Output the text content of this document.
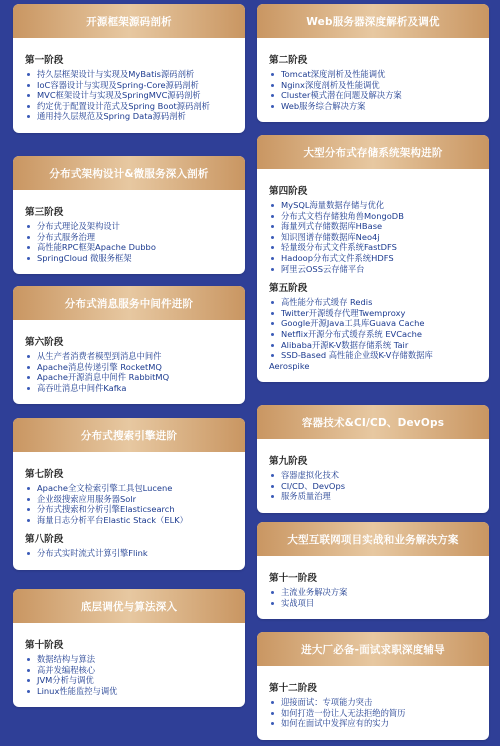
开源框架源码剖析
第一阶段
持久层框架设计与实现及MyBatis源码剖析
IoC容器设计与实现及Spring-Core源码剖析
MVC框架设计与实现及SpringMVC源码剖析
约定优于配置设计范式及Spring Boot源码剖析
通用持久层规范及Spring Data源码剖析
分布式架构设计&微服务深入剖析
第三阶段
分布式理论及架构设计
分布式服务治理
高性能RPC框架Apache Dubbo
SpringCloud 微服务框架
分布式消息服务中间件进阶
第六阶段
从生产者消费者模型到消息中间件
Apache消息传递引擎 RocketMQ
Apache开源消息中间件 RabbitMQ
高吞吐消息中间件Kafka
分布式搜索引擎进阶
第七阶段
Apache全文检索引擎工具包Lucene
企业级搜索应用服务器Solr
分布式搜索和分析引擎Elasticsearch
海量日志分析平台Elastic Stack（ELK）
第八阶段
分布式实时流式计算引擎Flink
底层调优与算法深入
第十阶段
数据结构与算法
高并发编程核心
JVM分析与调优
Linux性能监控与调优
Web服务器深度解析及调优
第二阶段
Tomcat深度剖析及性能调优
Nginx深度剖析及性能调优
Cluster模式潜在问题及解决方案
Web服务综合解决方案
大型分布式存储系统架构进阶
第四阶段
MySQL海量数据存储与优化
分布式文档存储独角兽MongoDB
海量列式存储数据库HBase
知识图谱存储数据库Neo4j
轻量级分布式文件系统FastDFS
Hadoop分布式文件系统HDFS
阿里云OSS云存储平台
第五阶段
高性能分布式缓存 Redis
Twitter开源缓存代理Twemproxy
Google开源Java工具库Guava Cache
Netflix开源分布式缓存系统 EVCache
Alibaba开源K-V数据存储系统 Tair
SSD-Based 高性能企业级K-V存储数据库
Aerospike
容器技术&CI/CD、DevOps
第九阶段
容器虚拟化技术
CI/CD、DevOps
服务质量治理
大型互联网项目实战和业务解决方案
第十一阶段
主流业务解决方案
实战项目
进大厂必备-面试求职深度辅导
第十二阶段
迎接面试：专项能力突击
如何打造一份让人无法拒绝的简历
如何在面试中发挥应有的实力
